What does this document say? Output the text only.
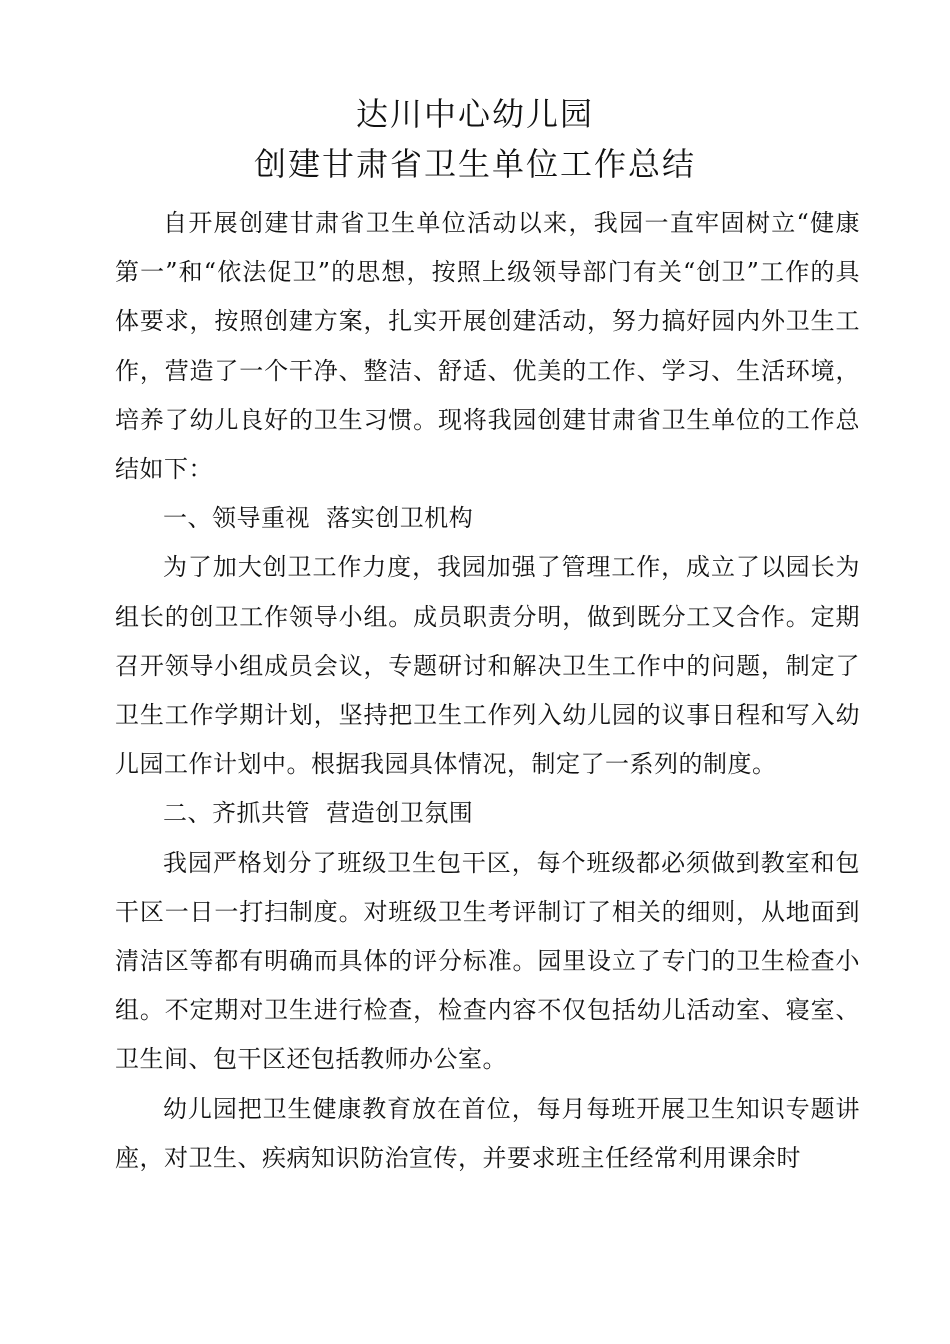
达川中心幼儿园
创建甘肃省卫生单位工作总结

自开展创建甘肃省卫生单位活动以来，我园一直牢固树立“健康第一”和“依法促卫”的思想，按照上级领导部门有关“创卫”工作的具体要求，按照创建方案，扎实开展创建活动，努力搞好园内外卫生工作，营造了一个干净、整洁、舒适、优美的工作、学习、生活环境，培养了幼儿良好的卫生习惯。现将我园创建甘肃省卫生单位的工作总结如下：

一、领导重视  落实创卫机构

为了加大创卫工作力度，我园加强了管理工作，成立了以园长为组长的创卫工作领导小组。成员职责分明，做到既分工又合作。定期召开领导小组成员会议，专题研讨和解决卫生工作中的问题，制定了卫生工作学期计划，坚持把卫生工作列入幼儿园的议事日程和写入幼儿园工作计划中。根据我园具体情况，制定了一系列的制度。

二、齐抓共管  营造创卫氛围

我园严格划分了班级卫生包干区，每个班级都必须做到教室和包干区一日一打扫制度。对班级卫生考评制订了相关的细则，从地面到清洁区等都有明确而具体的评分标准。园里设立了专门的卫生检查小组。不定期对卫生进行检查，检查内容不仅包括幼儿活动室、寝室、卫生间、包干区还包括教师办公室。

幼儿园把卫生健康教育放在首位，每月每班开展卫生知识专题讲座，对卫生、疾病知识防治宣传，并要求班主任经常利用课余时
